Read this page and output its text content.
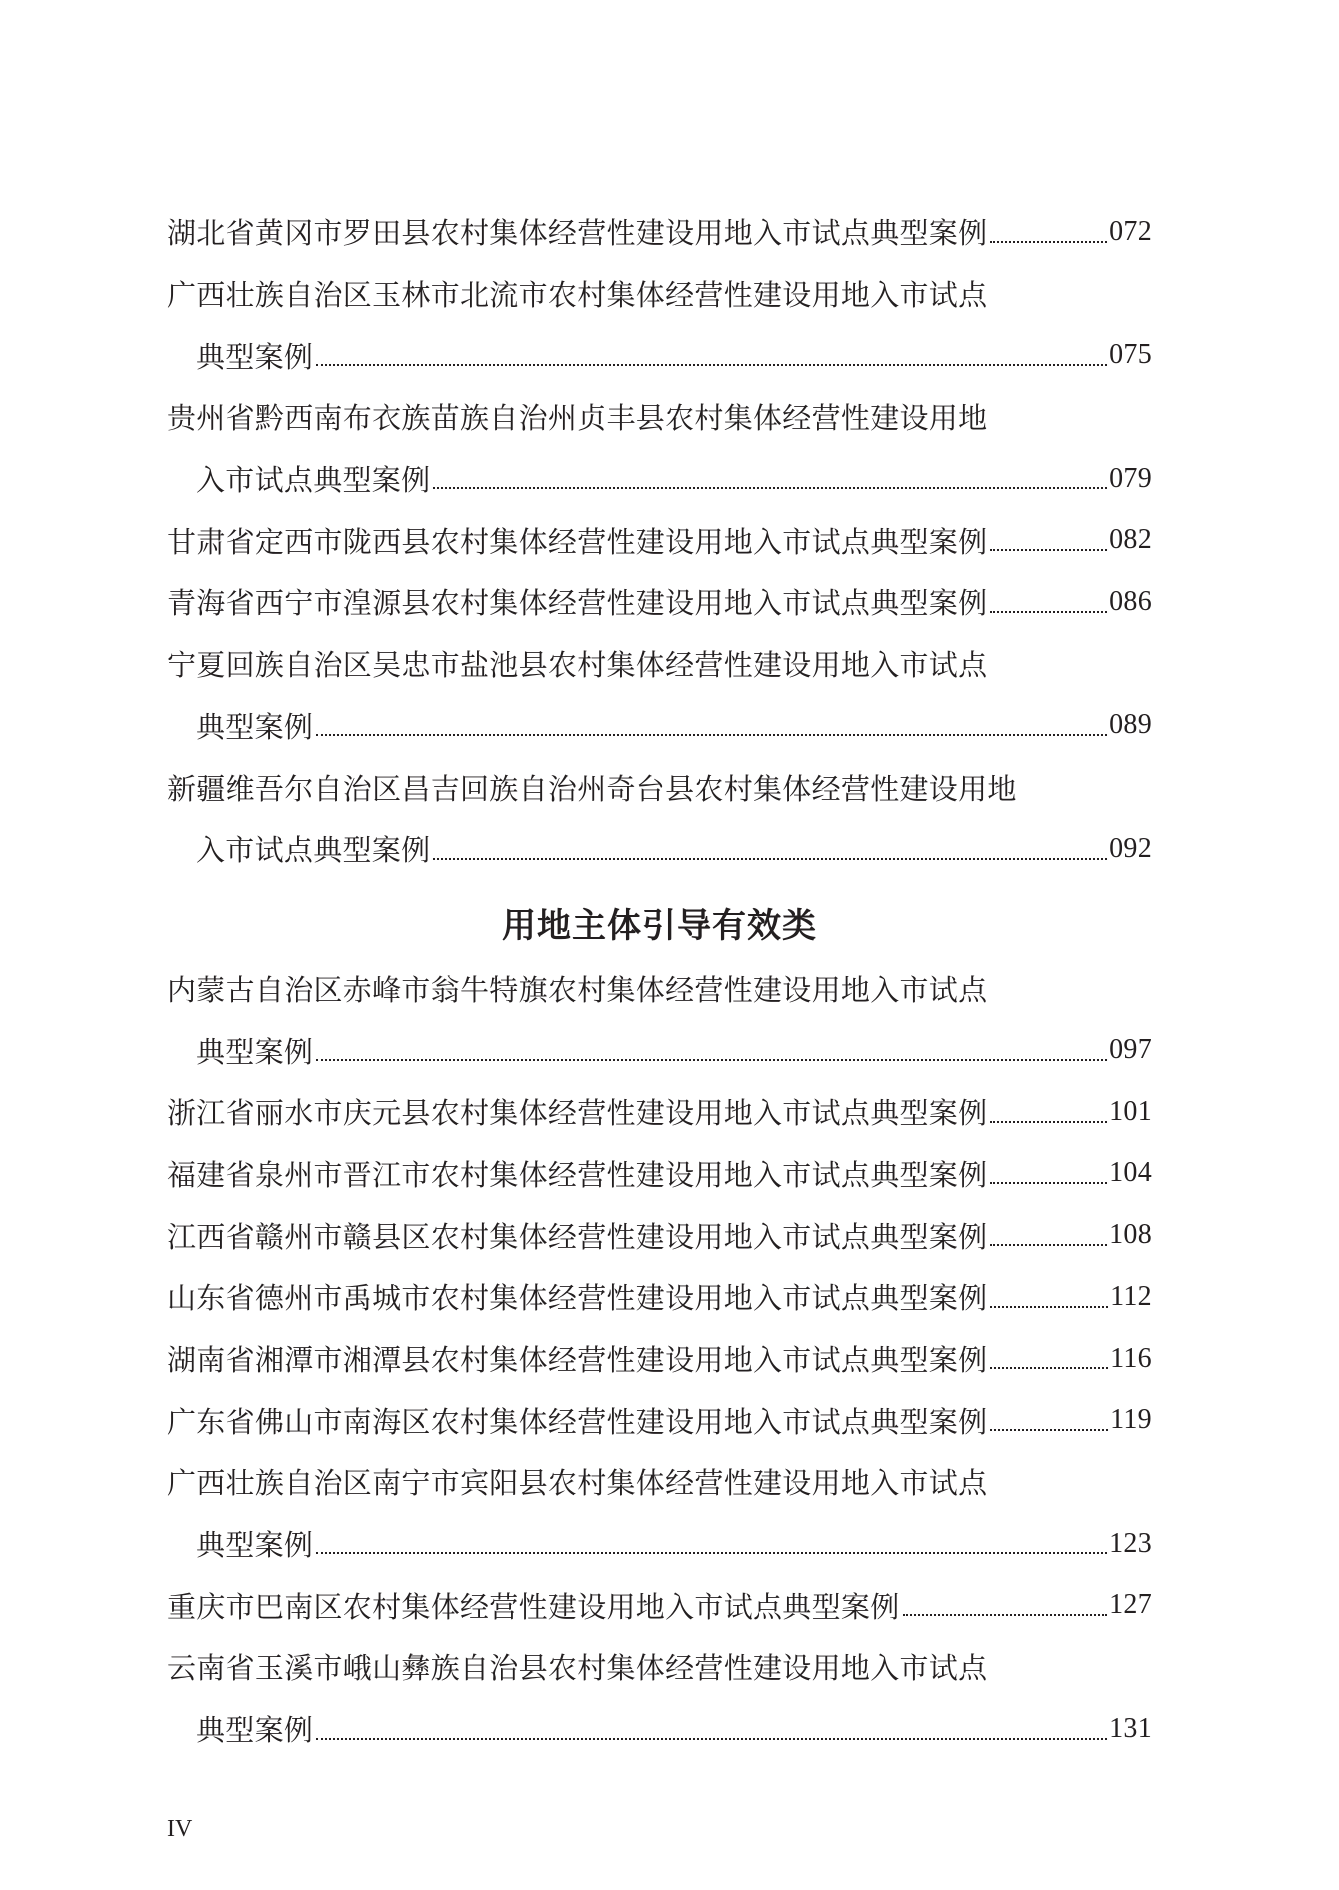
湖北省黄冈市罗田县农村集体经营性建设用地入市试点典型案例	072
广西壮族自治区玉林市北流市农村集体经营性建设用地入市试点
典型案例	075
贵州省黔西南布衣族苗族自治州贞丰县农村集体经营性建设用地
入市试点典型案例	079
甘肃省定西市陇西县农村集体经营性建设用地入市试点典型案例	082
青海省西宁市湟源县农村集体经营性建设用地入市试点典型案例	086
宁夏回族自治区吴忠市盐池县农村集体经营性建设用地入市试点
典型案例	089
新疆维吾尔自治区昌吉回族自治州奇台县农村集体经营性建设用地
入市试点典型案例	092
用地主体引导有效类
内蒙古自治区赤峰市翁牛特旗农村集体经营性建设用地入市试点
典型案例	097
浙江省丽水市庆元县农村集体经营性建设用地入市试点典型案例	101
福建省泉州市晋江市农村集体经营性建设用地入市试点典型案例	104
江西省赣州市赣县区农村集体经营性建设用地入市试点典型案例	108
山东省德州市禹城市农村集体经营性建设用地入市试点典型案例	112
湖南省湘潭市湘潭县农村集体经营性建设用地入市试点典型案例	116
广东省佛山市南海区农村集体经营性建设用地入市试点典型案例	119
广西壮族自治区南宁市宾阳县农村集体经营性建设用地入市试点
典型案例	123
重庆市巴南区农村集体经营性建设用地入市试点典型案例	127
云南省玉溪市峨山彝族自治县农村集体经营性建设用地入市试点
典型案例	131
IV
